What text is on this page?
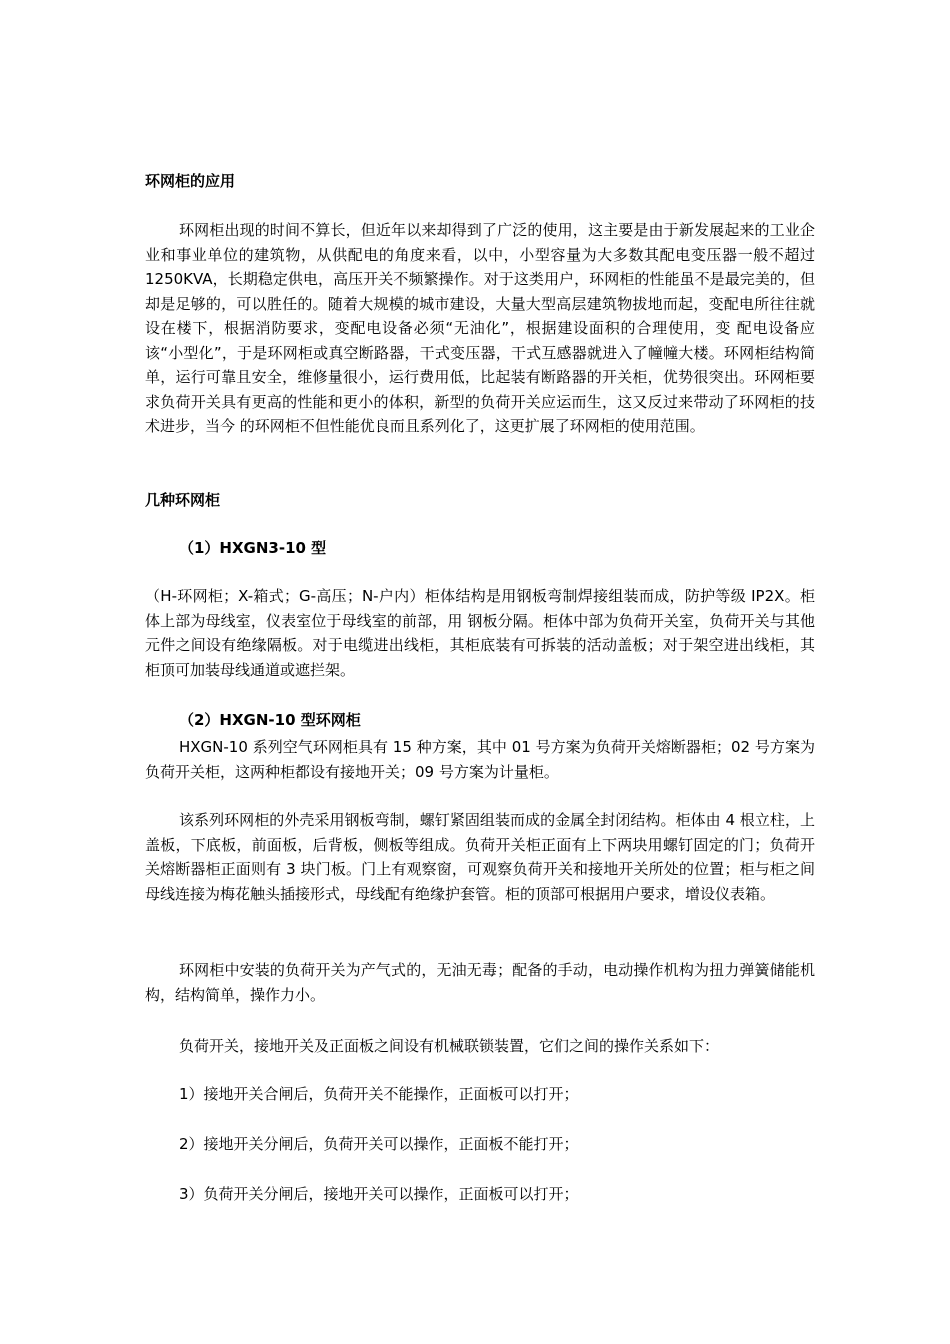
环网柜的应用
环网柜出现的时间不算长，但近年以来却得到了广泛的使用，这主要是由于新发展起来的工业企业和事业单位的建筑物，从供配电的角度来看，以中，小型容量为大多数其配电变压器一般不超过 1250KVA，长期稳定供电，高压开关不频繁操作。对于这类用户，环网柜的性能虽不是最完美的，但却是足够的，可以胜任的。随着大规模的城市建设，大量大型高层建筑物拔地而起，变配电所往往就设在楼下，根据消防要求，变配电设备必须“无油化”，根据建设面积的合理使用，变 配电设备应该“小型化”，于是环网柜或真空断路器，干式变压器，干式互感器就进入了幢幢大楼。环网柜结构简单，运行可靠且安全，维修量很小，运行费用低，比起装有断路器的开关柜，优势很突出。环网柜要求负荷开关具有更高的性能和更小的体积，新型的负荷开关应运而生，这又反过来带动了环网柜的技术进步，当今 的环网柜不但性能优良而且系列化了，这更扩展了环网柜的使用范围。
几种环网柜
（1）HXGN3-10 型
（H-环网柜；X-箱式；G-高压；N-户内）柜体结构是用钢板弯制焊接组装而成，防护等级 IP2X。柜体上部为母线室，仪表室位于母线室的前部，用 钢板分隔。柜体中部为负荷开关室，负荷开关与其他元件之间设有绝缘隔板。对于电缆进出线柜，其柜底装有可拆装的活动盖板；对于架空进出线柜，其柜顶可加装母线通道或遮拦架。
（2）HXGN-10 型环网柜
HXGN-10 系列空气环网柜具有 15 种方案，其中 01 号方案为负荷开关熔断器柜；02 号方案为负荷开关柜，这两种柜都设有接地开关；09 号方案为计量柜。
该系列环网柜的外壳采用钢板弯制，螺钉紧固组装而成的金属全封闭结构。柜体由 4 根立柱，上盖板，下底板，前面板，后背板，侧板等组成。负荷开关柜正面有上下两块用螺钉固定的门；负荷开关熔断器柜正面则有 3 块门板。门上有观察窗，可观察负荷开关和接地开关所处的位置；柜与柜之间母线连接为梅花触头插接形式，母线配有绝缘护套管。柜的顶部可根据用户要求，增设仪表箱。
环网柜中安装的负荷开关为产气式的，无油无毒；配备的手动，电动操作机构为扭力弹簧储能机构，结构简单，操作力小。
负荷开关，接地开关及正面板之间设有机械联锁装置，它们之间的操作关系如下：
1）接地开关合闸后，负荷开关不能操作，正面板可以打开；
2）接地开关分闸后，负荷开关可以操作，正面板不能打开；
3）负荷开关分闸后，接地开关可以操作，正面板可以打开；
